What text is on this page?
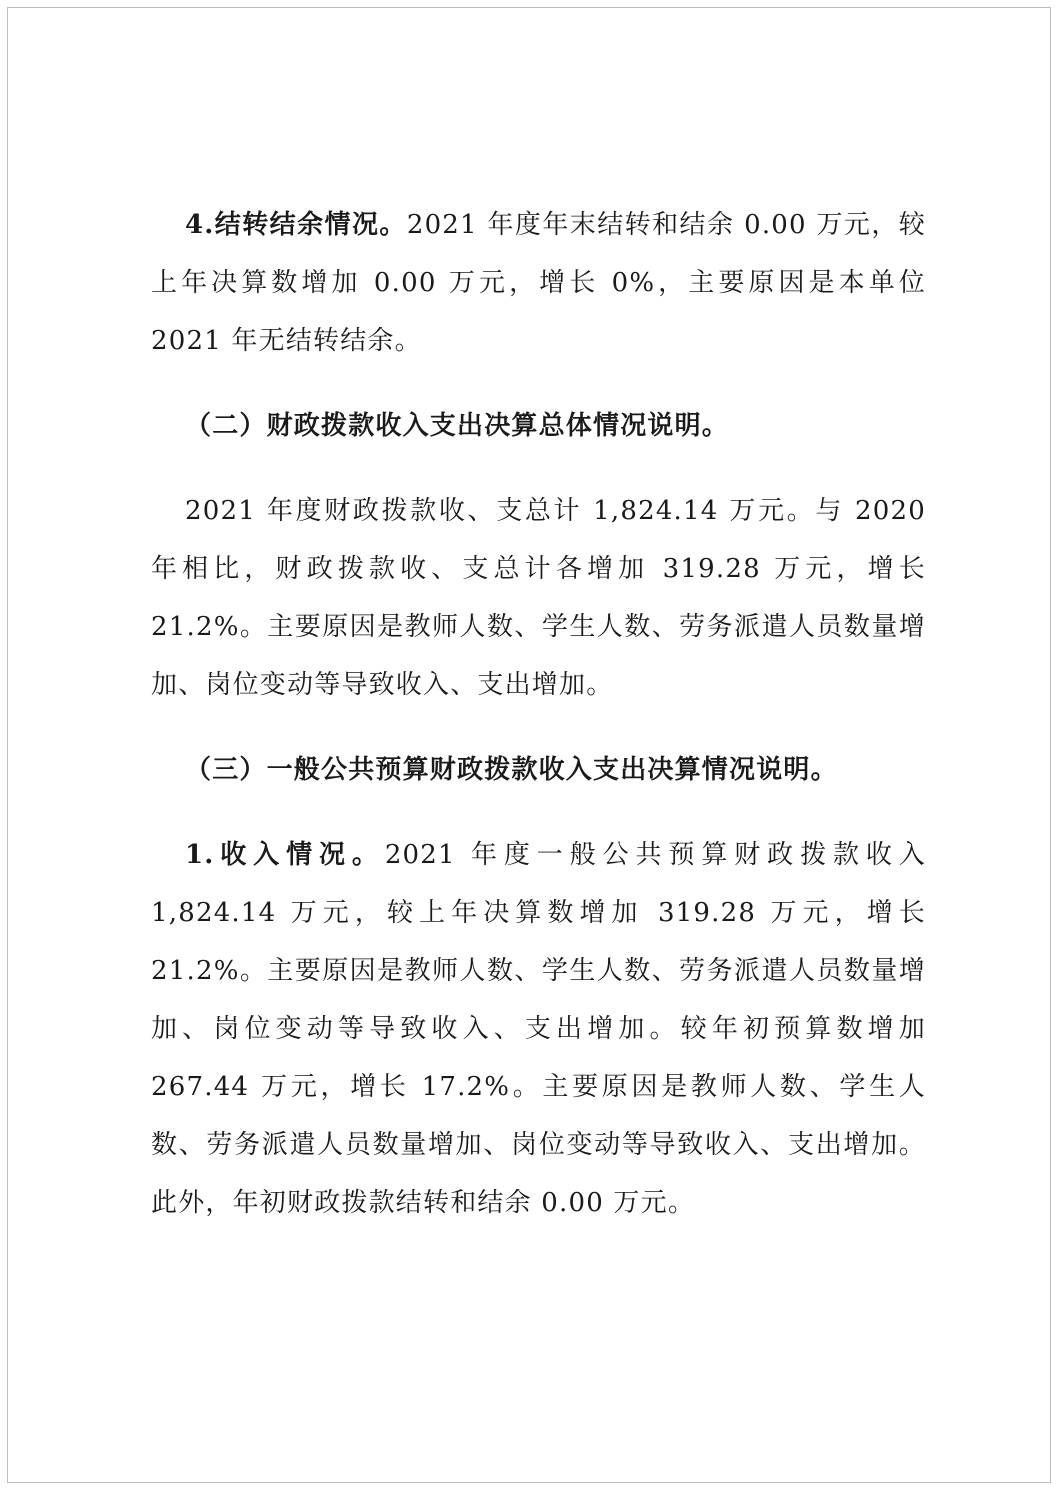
4.结转结余情况。2021 年度年末结转和结余 0.00 万元，较上年决算数增加 0.00 万元，增长 0%，主要原因是本单位 2021 年无结转结余。

（二）财政拨款收入支出决算总体情况说明。

2021 年度财政拨款收、支总计 1,824.14 万元。与 2020 年相比，财政拨款收、支总计各增加 319.28 万元，增长 21.2%。主要原因是教师人数、学生人数、劳务派遣人员数量增加、岗位变动等导致收入、支出增加。

（三）一般公共预算财政拨款收入支出决算情况说明。

1.收入情况。2021 年度一般公共预算财政拨款收入 1,824.14 万元，较上年决算数增加 319.28 万元，增长 21.2%。主要原因是教师人数、学生人数、劳务派遣人员数量增加、岗位变动等导致收入、支出增加。较年初预算数增加 267.44 万元，增长 17.2%。主要原因是教师人数、学生人数、劳务派遣人员数量增加、岗位变动等导致收入、支出增加。此外，年初财政拨款结转和结余 0.00 万元。
